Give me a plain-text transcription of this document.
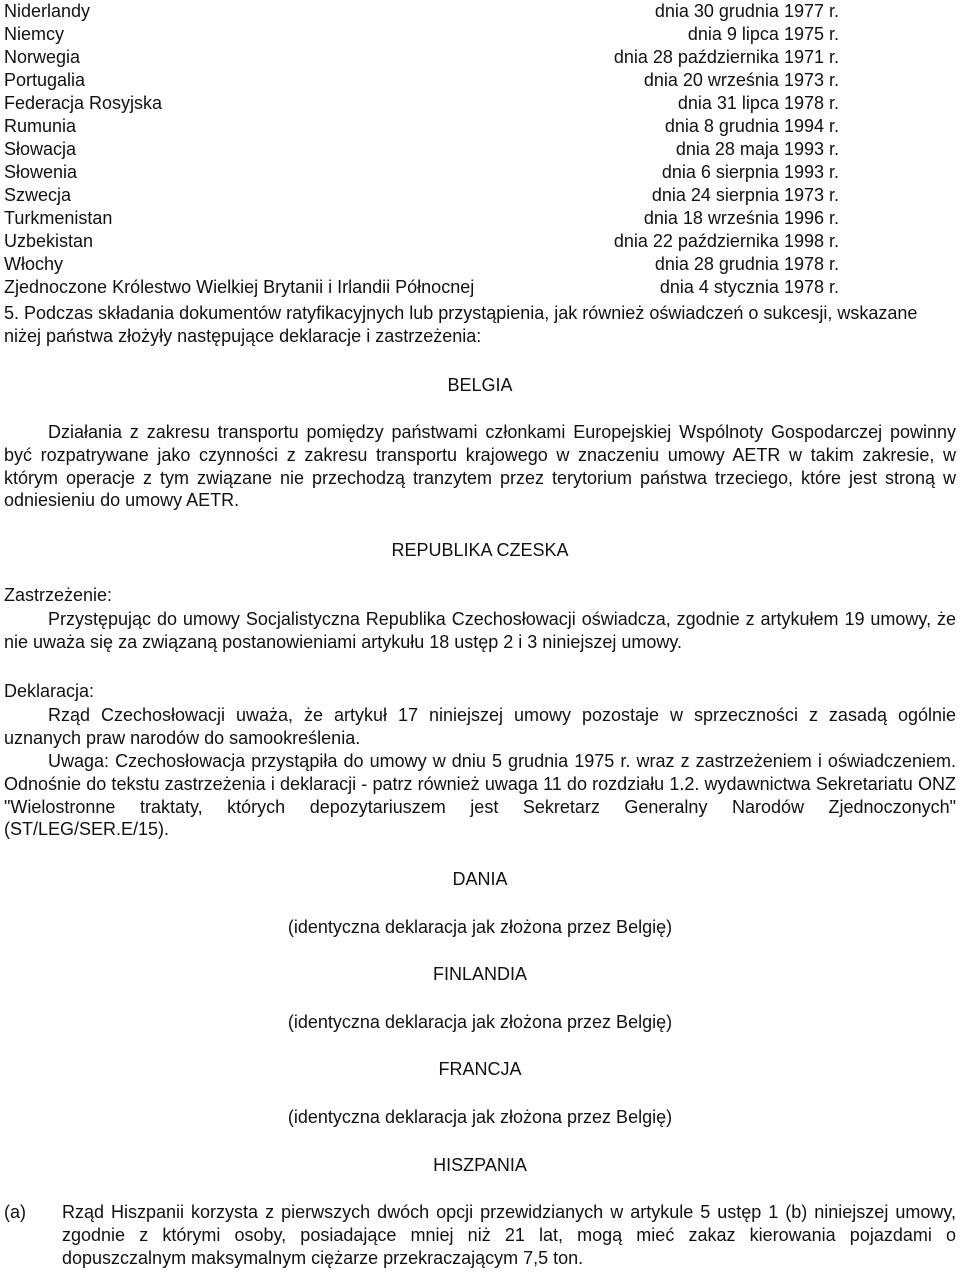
Niderlandy	dnia 30 grudnia 1977 r.
Niemcy	dnia 9 lipca 1975 r.
Norwegia	dnia 28 października 1971 r.
Portugalia	dnia 20 września 1973 r.
Federacja Rosyjska	dnia 31 lipca 1978 r.
Rumunia	dnia 8 grudnia 1994 r.
Słowacja	dnia 28 maja 1993 r.
Słowenia	dnia 6 sierpnia 1993 r.
Szwecja	dnia 24 sierpnia 1973 r.
Turkmenistan	dnia 18 września 1996 r.
Uzbekistan	dnia 22 października 1998 r.
Włochy	dnia 28 grudnia 1978 r.
Zjednoczone Królestwo Wielkiej Brytanii i Irlandii Północnej	dnia 4 stycznia 1978 r.
5. Podczas składania dokumentów ratyfikacyjnych lub przystąpienia, jak również oświadczeń o sukcesji, wskazane niżej państwa złożyły następujące deklaracje i zastrzeżenia:
BELGIA
Działania z zakresu transportu pomiędzy państwami członkami Europejskiej Wspólnoty Gospodarczej powinny być rozpatrywane jako czynności z zakresu transportu krajowego w znaczeniu umowy AETR w takim zakresie, w którym operacje z tym związane nie przechodzą tranzytem przez terytorium państwa trzeciego, które jest stroną w odniesieniu do umowy AETR.
REPUBLIKA CZESKA
Zastrzeżenie:
Przystępując do umowy Socjalistyczna Republika Czechosłowacji oświadcza, zgodnie z artykułem 19 umowy, że nie uważa się za związaną postanowieniami artykułu 18 ustęp 2 i 3 niniejszej umowy.
Deklaracja:
Rząd Czechosłowacji uważa, że artykuł 17 niniejszej umowy pozostaje w sprzeczności z zasadą ogólnie uznanych praw narodów do samookreślenia.
Uwaga: Czechosłowacja przystąpiła do umowy w dniu 5 grudnia 1975 r. wraz z zastrzeżeniem i oświadczeniem. Odnośnie do tekstu zastrzeżenia i deklaracji - patrz również uwaga 11 do rozdziału 1.2. wydawnictwa Sekretariatu ONZ "Wielostronne traktaty, których depozytariuszem jest Sekretarz Generalny Narodów Zjednoczonych" (ST/LEG/SER.E/15).
DANIA
(identyczna deklaracja jak złożona przez Belgię)
FINLANDIA
(identyczna deklaracja jak złożona przez Belgię)
FRANCJA
(identyczna deklaracja jak złożona przez Belgię)
HISZPANIA
(a) Rząd Hiszpanii korzysta z pierwszych dwóch opcji przewidzianych w artykule 5 ustęp 1 (b) niniejszej umowy, zgodnie z którymi osoby, posiadające mniej niż 21 lat, mogą mieć zakaz kierowania pojazdami o dopuszczalnym maksymalnym ciężarze przekraczającym 7,5 ton.
